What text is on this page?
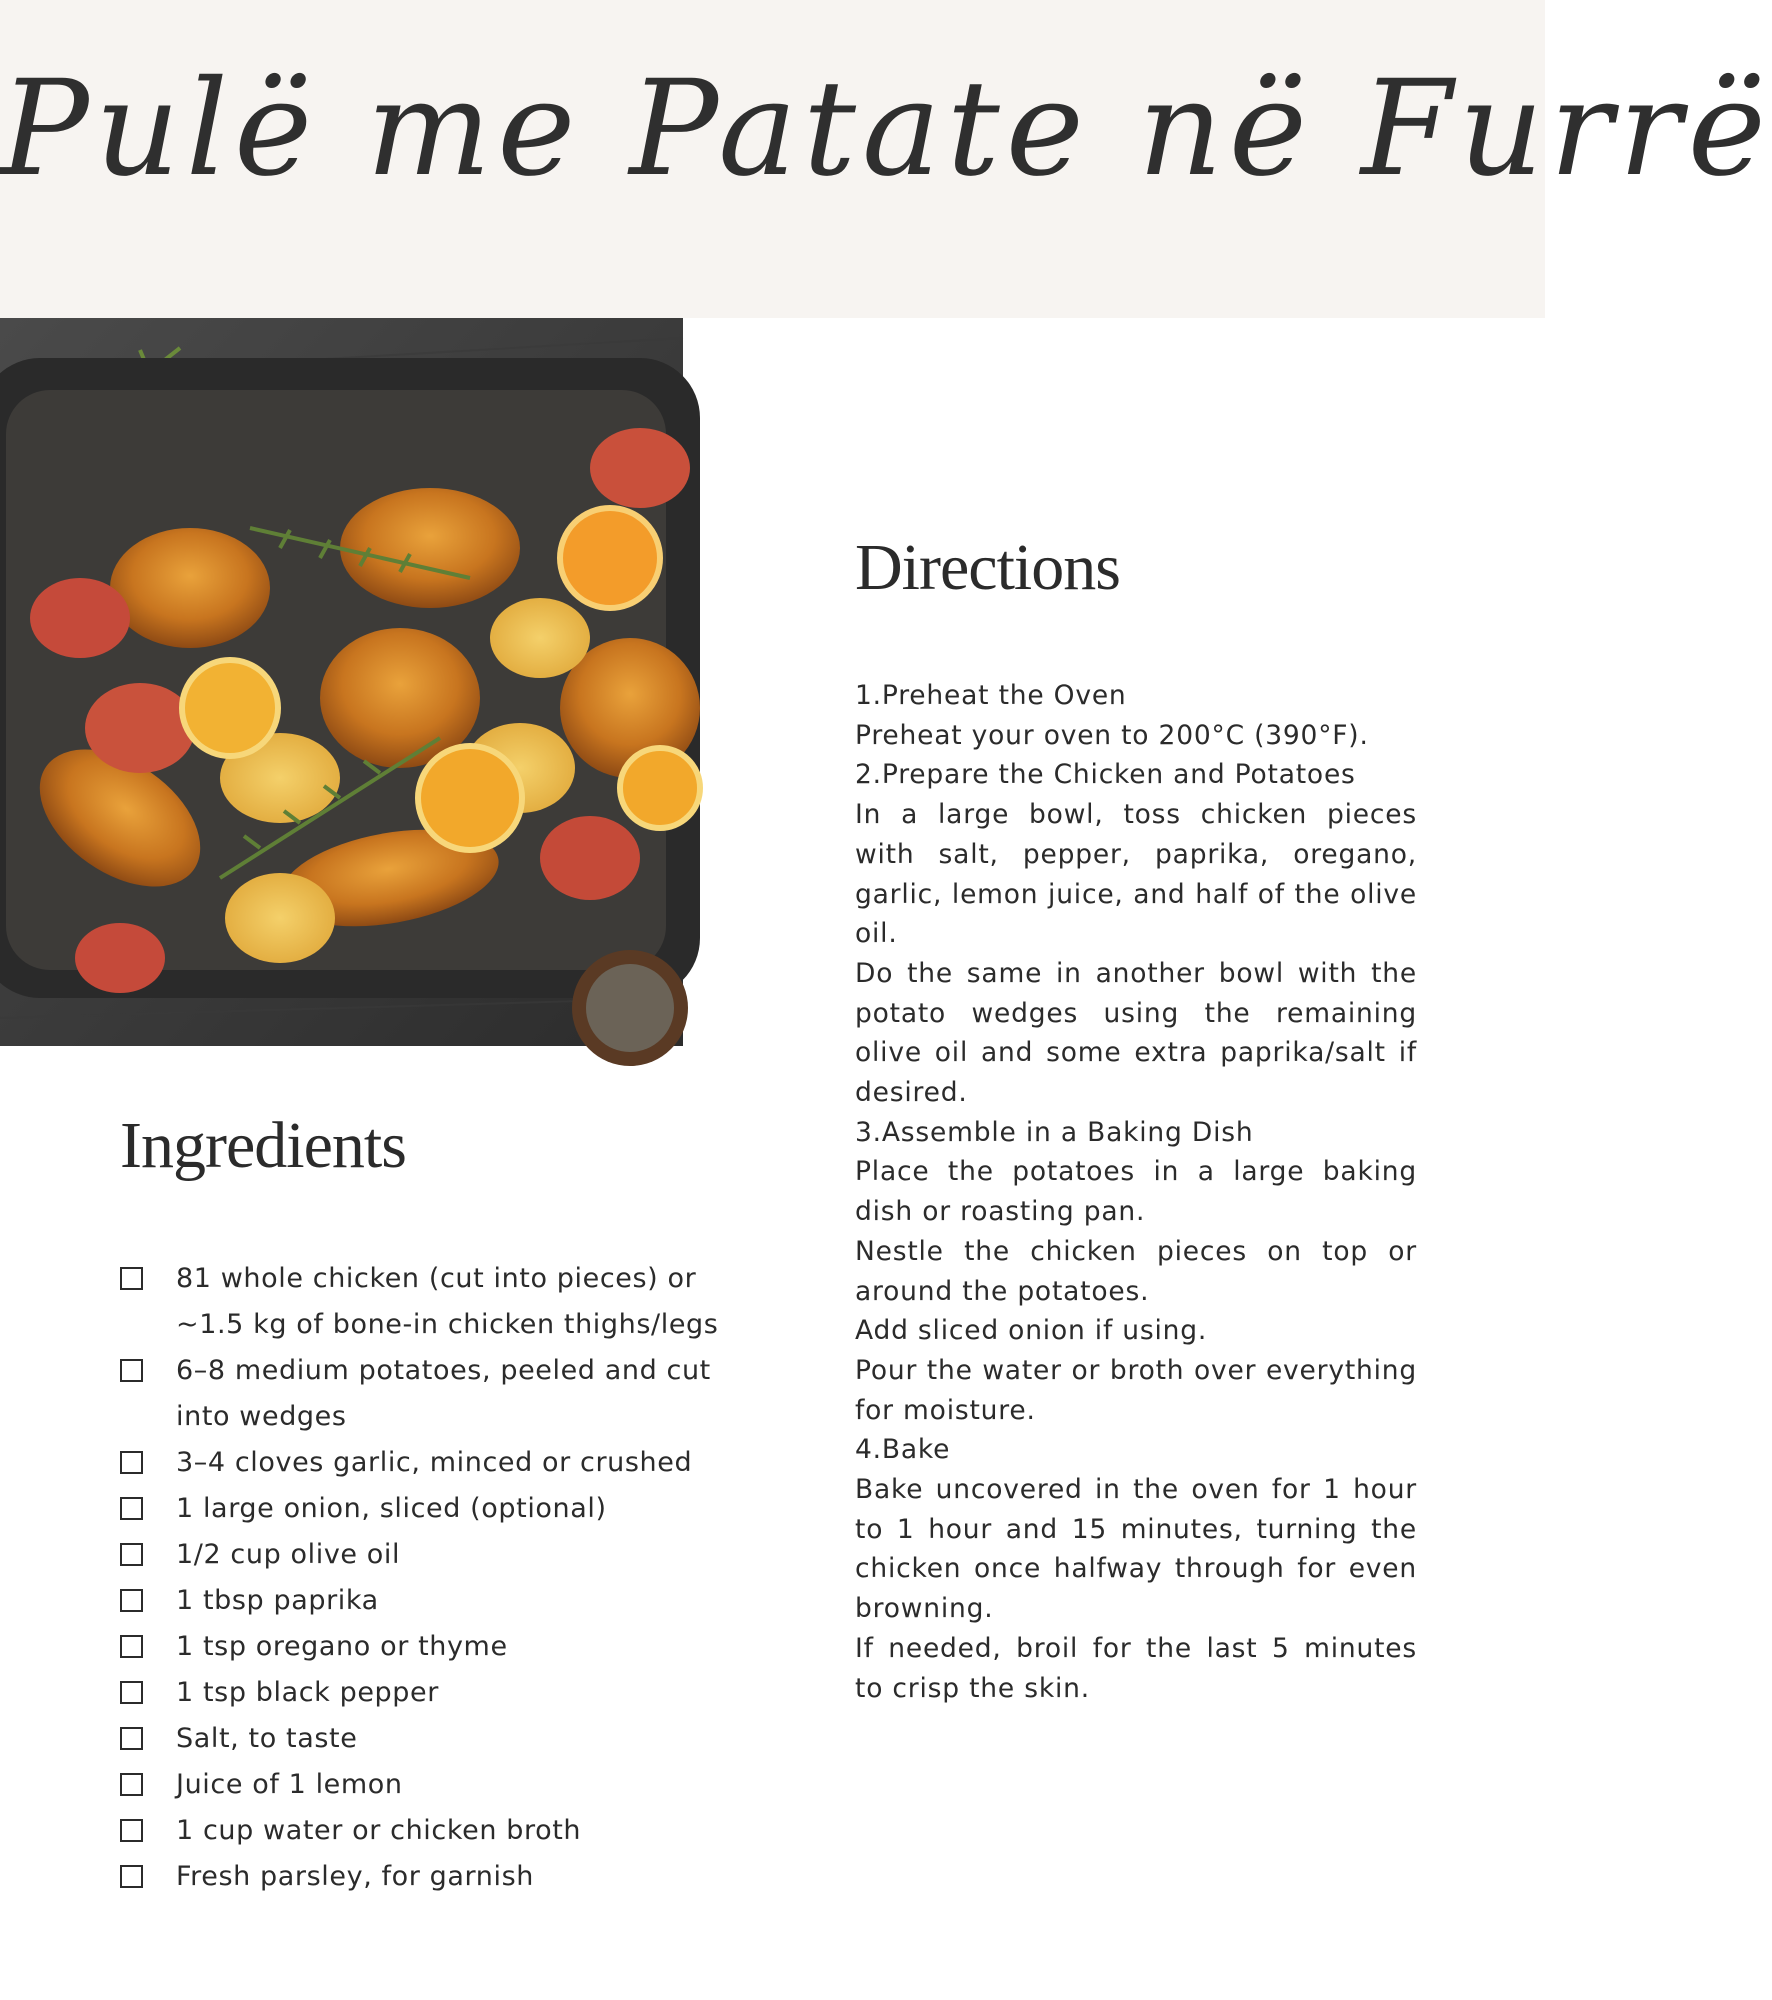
Pulë me Patate në Furrë
Ingredients
81 whole chicken (cut into pieces) or ~1.5 kg of bone-in chicken thighs/legs
6–8 medium potatoes, peeled and cut into wedges
3–4 cloves garlic, minced or crushed
1 large onion, sliced (optional)
1/2 cup olive oil
1 tbsp paprika
1 tsp oregano or thyme
1 tsp black pepper
Salt, to taste
Juice of 1 lemon
1 cup water or chicken broth
Fresh parsley, for garnish
Directions

1.Preheat the Oven

Preheat your oven to 200°C (390°F).

2.Prepare the Chicken and Potatoes

In a large bowl, toss chicken pieces with salt, pepper, paprika, oregano, garlic, lemon juice, and half of the olive oil.

Do the same in another bowl with the potato wedges using the remaining olive oil and some extra paprika/salt if desired.

3.Assemble in a Baking Dish

Place the potatoes in a large baking dish or roasting pan.

Nestle the chicken pieces on top or around the potatoes.

Add sliced onion if using.

Pour the water or broth over everything for moisture.

4.Bake

Bake uncovered in the oven for 1 hour to 1 hour and 15 minutes, turning the chicken once halfway through for even browning.

If needed, broil for the last 5 minutes to crisp the skin.
